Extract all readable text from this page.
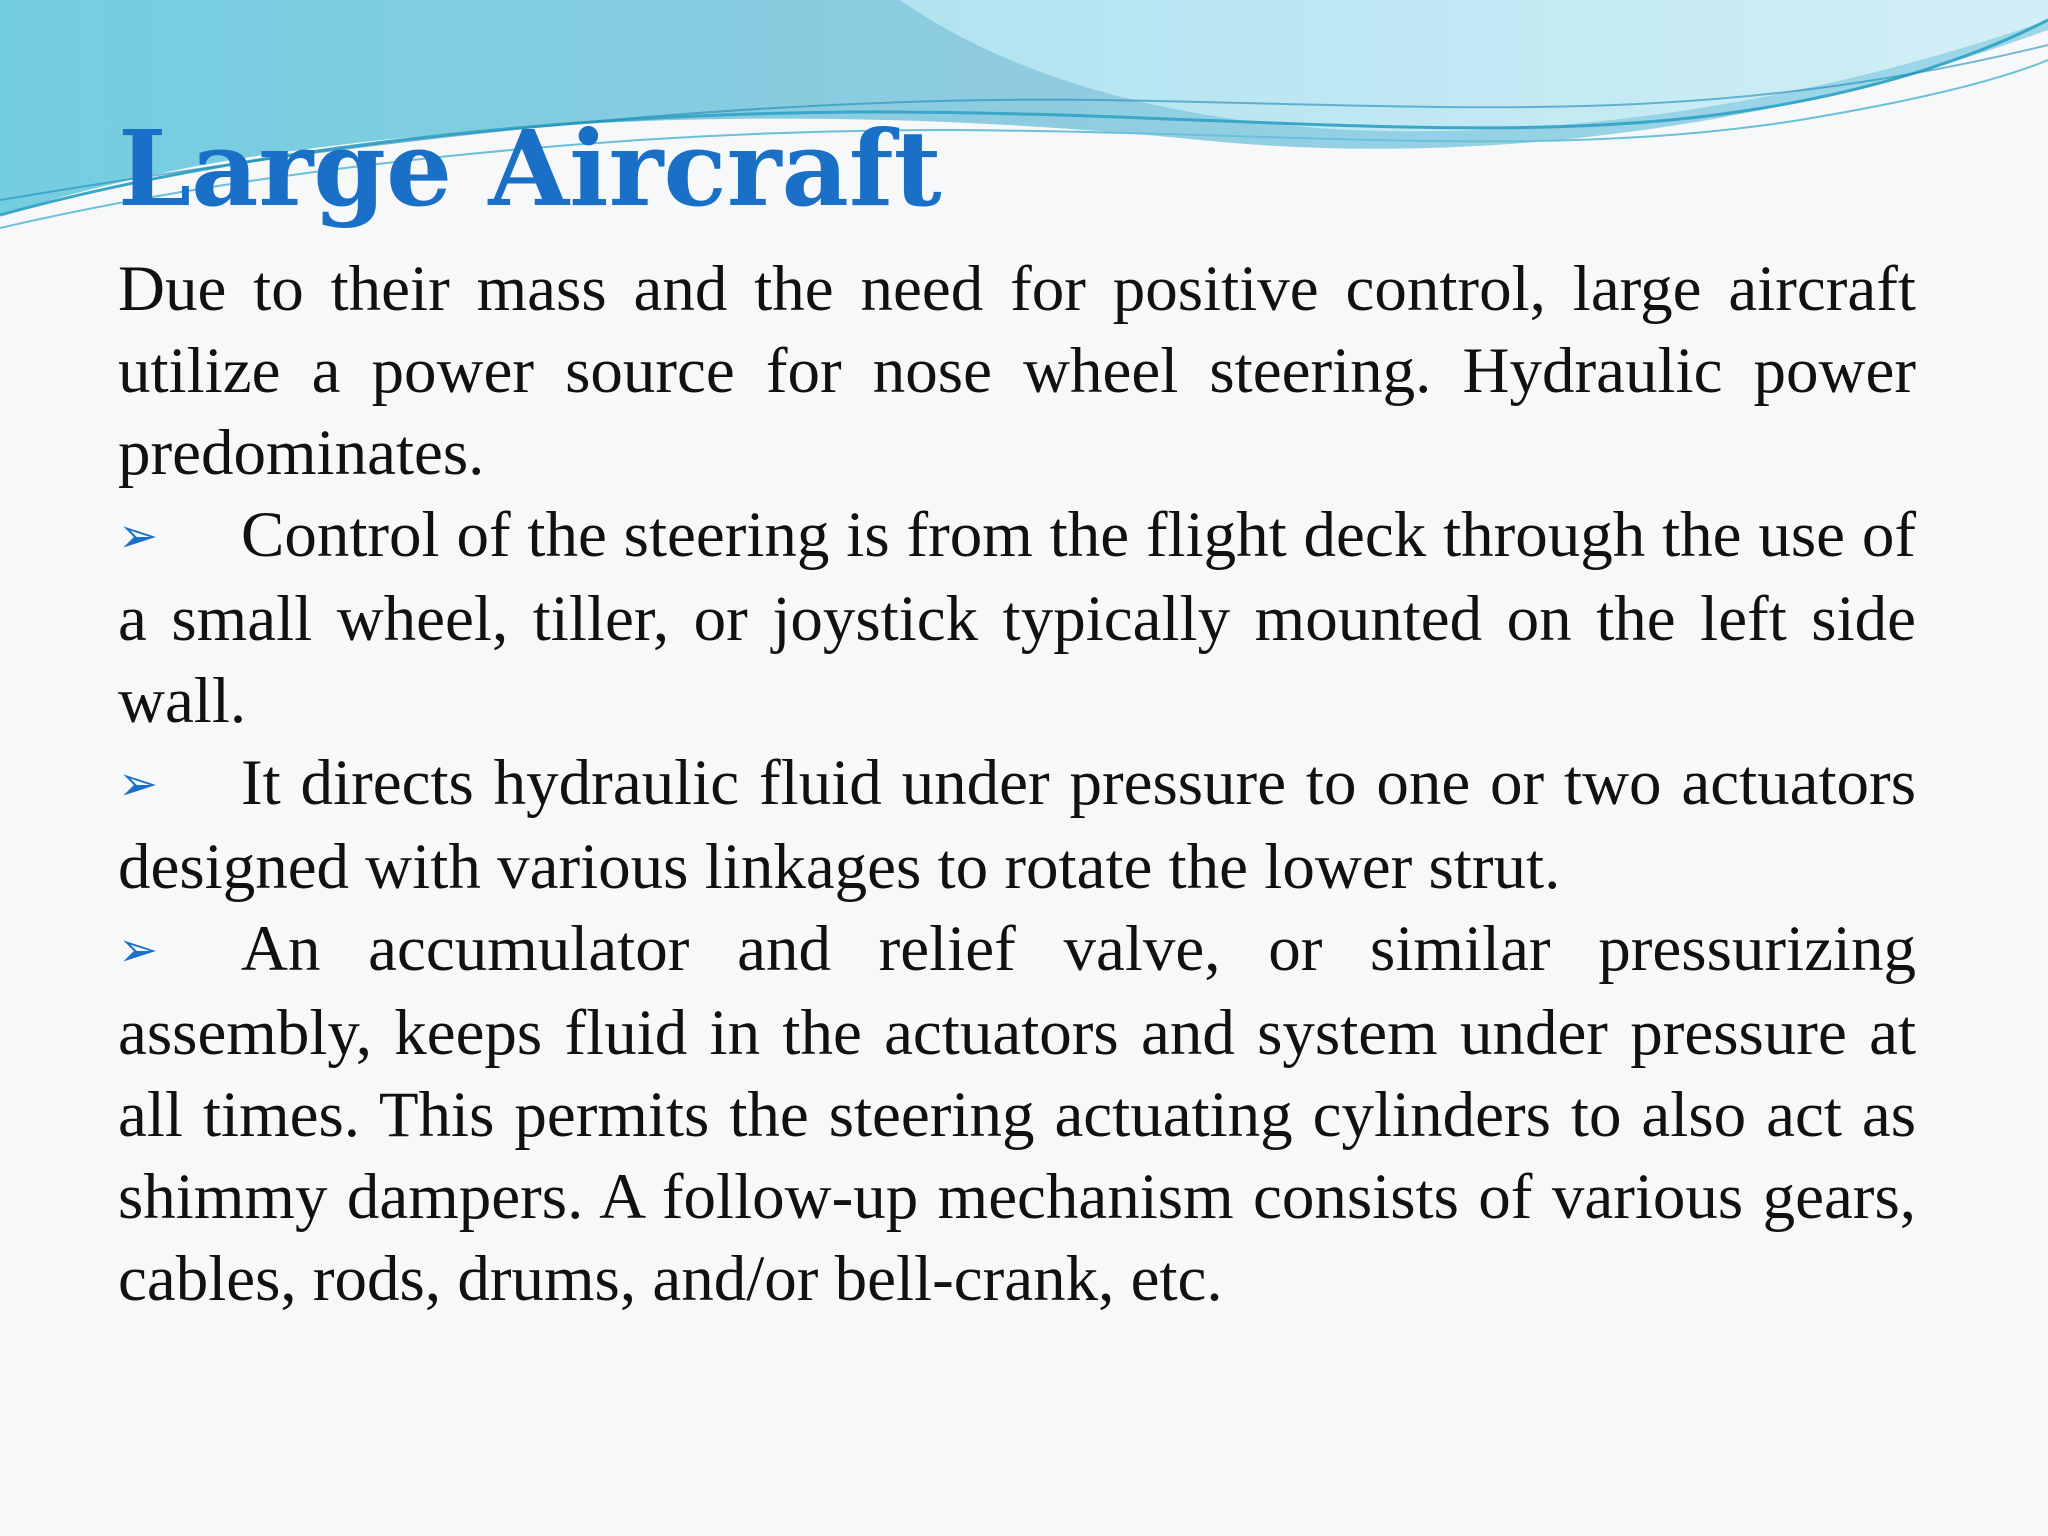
Large Aircraft

Due to their mass and the need for positive control, large aircraft utilize a power source for nose wheel steering. Hydraulic power predominates.

➢ Control of the steering is from the flight deck through the use of a small wheel, tiller, or joystick typically mounted on the left side wall.

➢ It directs hydraulic fluid under pressure to one or two actuators designed with various linkages to rotate the lower strut.

➢ An accumulator and relief valve, or similar pressurizing assembly, keeps fluid in the actuators and system under pressure at all times. This permits the steering actuating cylinders to also act as shimmy dampers. A follow-up mechanism consists of various gears, cables, rods, drums, and/or bell-crank, etc.
